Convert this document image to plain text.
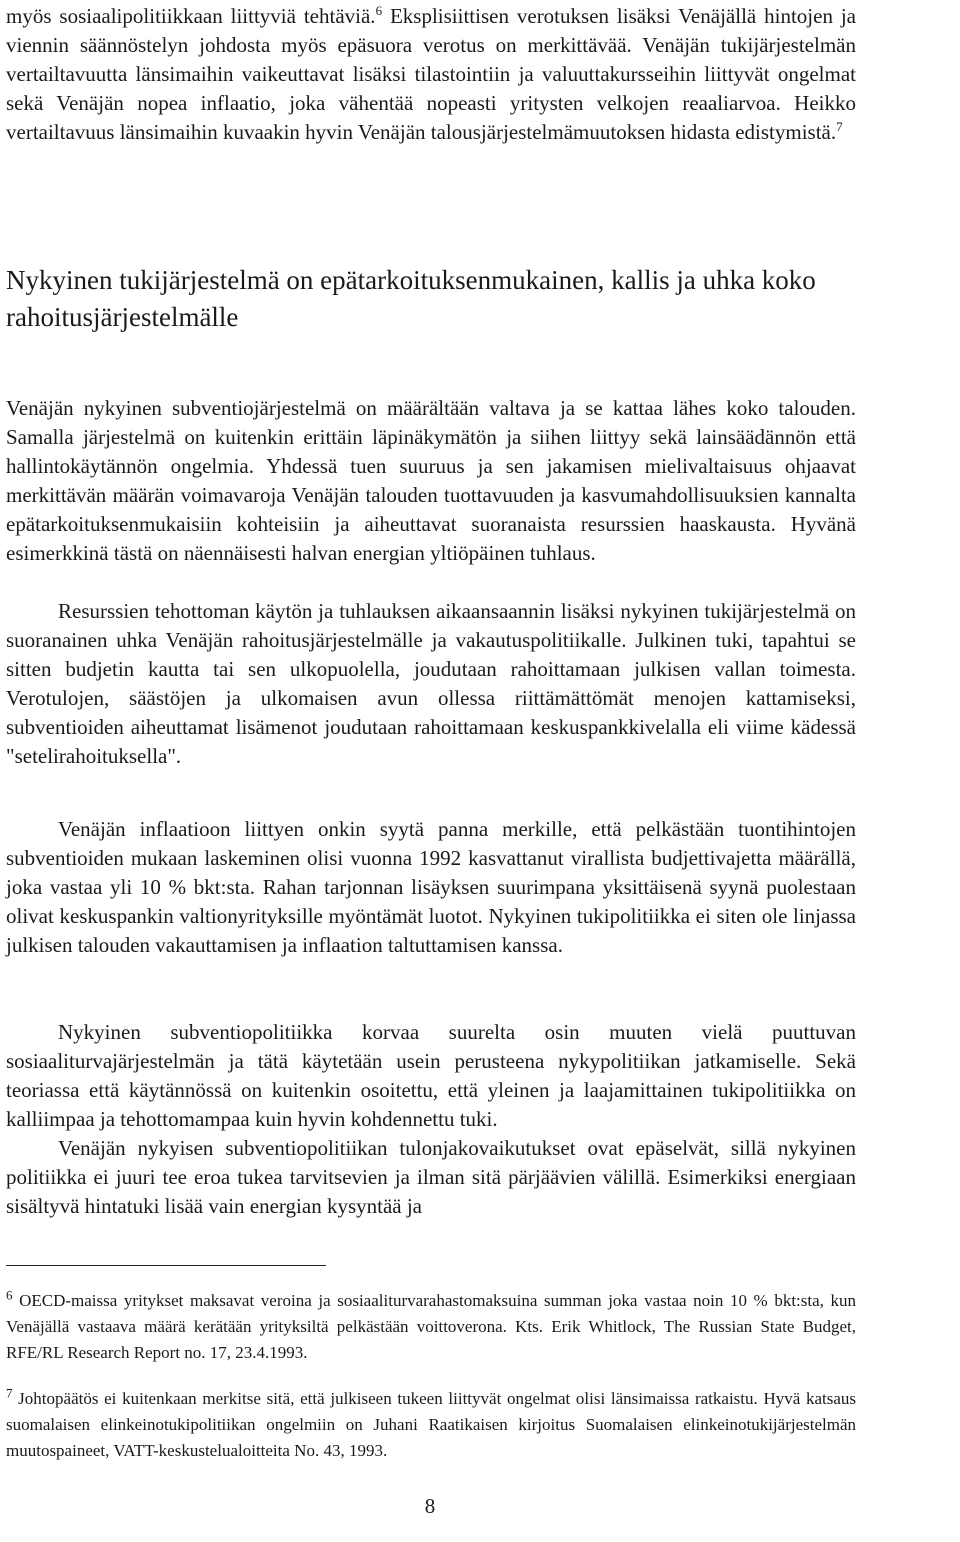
myös sosiaalipolitiikkaan liittyviä tehtäviä.$^6$ Eksplisiittisen verotuksen lisäksi Venäjällä hintojen ja viennin säännöstelyn johdosta myös epäsuora verotus on merkittävää. Venäjän tukijärjestelmän vertailtavuutta länsimaihin vaikeuttavat lisäksi tilastointiin ja valuuttakursseihin liittyvät ongelmat sekä Venäjän nopea inflaatio, joka vähentää nopeasti yritysten velkojen reaaliarvoa. Heikko vertailtavuus länsimaihin kuvaakin hyvin Venäjän talousjärjestelmämuutoksen hidasta edistymistä.$^7$

Nykyinen tukijärjestelmä on epätarkoituksenmukainen, kallis ja uhka koko rahoitusjärjestelmälle

Venäjän nykyinen subventiojärjestelmä on määrältään valtava ja se kattaa lähes koko talouden. Samalla järjestelmä on kuitenkin erittäin läpinäkymätön ja siihen liittyy sekä lainsäädännön että hallintokäytännön ongelmia. Yhdessä tuen suuruus ja sen jakamisen mielivaltaisuus ohjaavat merkittävän määrän voimavaroja Venäjän talouden tuottavuuden ja kasvumahdollisuuksien kannalta epätarkoituksenmukaisiin kohteisiin ja aiheuttavat suoranaista resurssien haaskausta. Hyvänä esimerkkinä tästä on näennäisesti halvan energian yltiöpäinen tuhlaus.

Resurssien tehottoman käytön ja tuhlauksen aikaansaannin lisäksi nykyinen tukijärjestelmä on suoranainen uhka Venäjän rahoitusjärjestelmälle ja vakautuspolitiikalle. Julkinen tuki, tapahtui se sitten budjetin kautta tai sen ulkopuolella, joudutaan rahoittamaan julkisen vallan toimesta. Verotulojen, säästöjen ja ulkomaisen avun ollessa riittämättömät menojen kattamiseksi, subventioiden aiheuttamat lisämenot joudutaan rahoittamaan keskuspankkivelalla eli viime kädessä "setelirahoituksella".

Venäjän inflaatioon liittyen onkin syytä panna merkille, että pelkästään tuontihintojen subventioiden mukaan laskeminen olisi vuonna 1992 kasvattanut virallista budjettivajetta määrällä, joka vastaa yli 10 % bkt:sta. Rahan tarjonnan lisäyksen suurimpana yksittäisenä syynä puolestaan olivat keskuspankin valtionyrityksille myöntämät luotot. Nykyinen tukipolitiikka ei siten ole linjassa julkisen talouden vakauttamisen ja inflaation taltuttamisen kanssa.

Nykyinen subventiopolitiikka korvaa suurelta osin muuten vielä puuttuvan sosiaaliturvajärjestelmän ja tätä käytetään usein perusteena nykypolitiikan jatkamiselle. Sekä teoriassa että käytännössä on kuitenkin osoitettu, että yleinen ja laajamittainen tukipolitiikka on kalliimpaa ja tehottomampaa kuin hyvin kohdennettu tuki.

Venäjän nykyisen subventiopolitiikan tulonjakovaikutukset ovat epäselvät, sillä nykyinen politiikka ei juuri tee eroa tukea tarvitsevien ja ilman sitä pärjäävien välillä. Esimerkiksi energiaan sisältyvä hintatuki lisää vain energian kysyntää ja

$^6$ OECD-maissa yritykset maksavat veroina ja sosiaaliturvarahastomaksuina summan joka vastaa noin 10 % bkt:sta, kun Venäjällä vastaava määrä kerätään yrityksiltä pelkästään voittoverona. Kts. Erik Whitlock, The Russian State Budget, RFE/RL Research Report no. 17, 23.4.1993.

$^7$ Johtopäätös ei kuitenkaan merkitse sitä, että julkiseen tukeen liittyvät ongelmat olisi länsimaissa ratkaistu. Hyvä katsaus suomalaisen elinkeinotukipolitiikan ongelmiin on Juhani Raatikaisen kirjoitus Suomalaisen elinkeinotukijärjestelmän muutospaineet, VATT-keskustelualoitteita No. 43, 1993.

8
